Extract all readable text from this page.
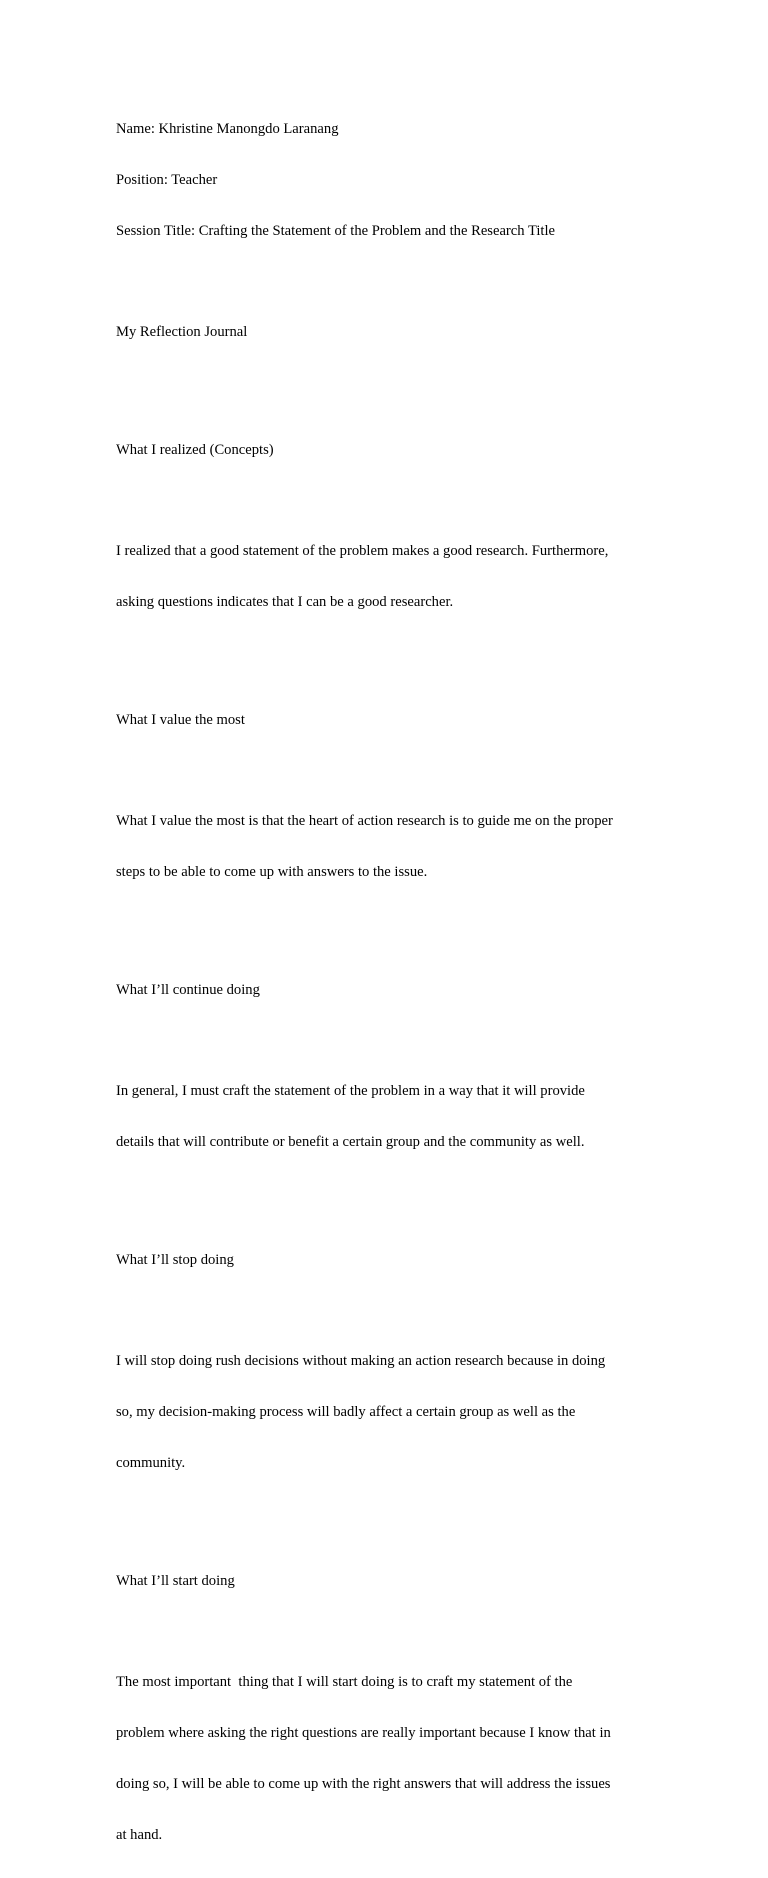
Name: Khristine Manongdo Laranang

Position: Teacher

Session Title: Crafting the Statement of the Problem and the Research Title

My Reflection Journal

What I realized (Concepts)

I realized that a good statement of the problem makes a good research. Furthermore,

asking questions indicates that I can be a good researcher.

What I value the most

What I value the most is that the heart of action research is to guide me on the proper

steps to be able to come up with answers to the issue.

What I’ll continue doing

In general, I must craft the statement of the problem in a way that it will provide

details that will contribute or benefit a certain group and the community as well.

What I’ll stop doing

I will stop doing rush decisions without making an action research because in doing

so, my decision-making process will badly affect a certain group as well as the

community.

What I’ll start doing

The most important  thing that I will start doing is to craft my statement of the

problem where asking the right questions are really important because I know that in

doing so, I will be able to come up with the right answers that will address the issues

at hand.
